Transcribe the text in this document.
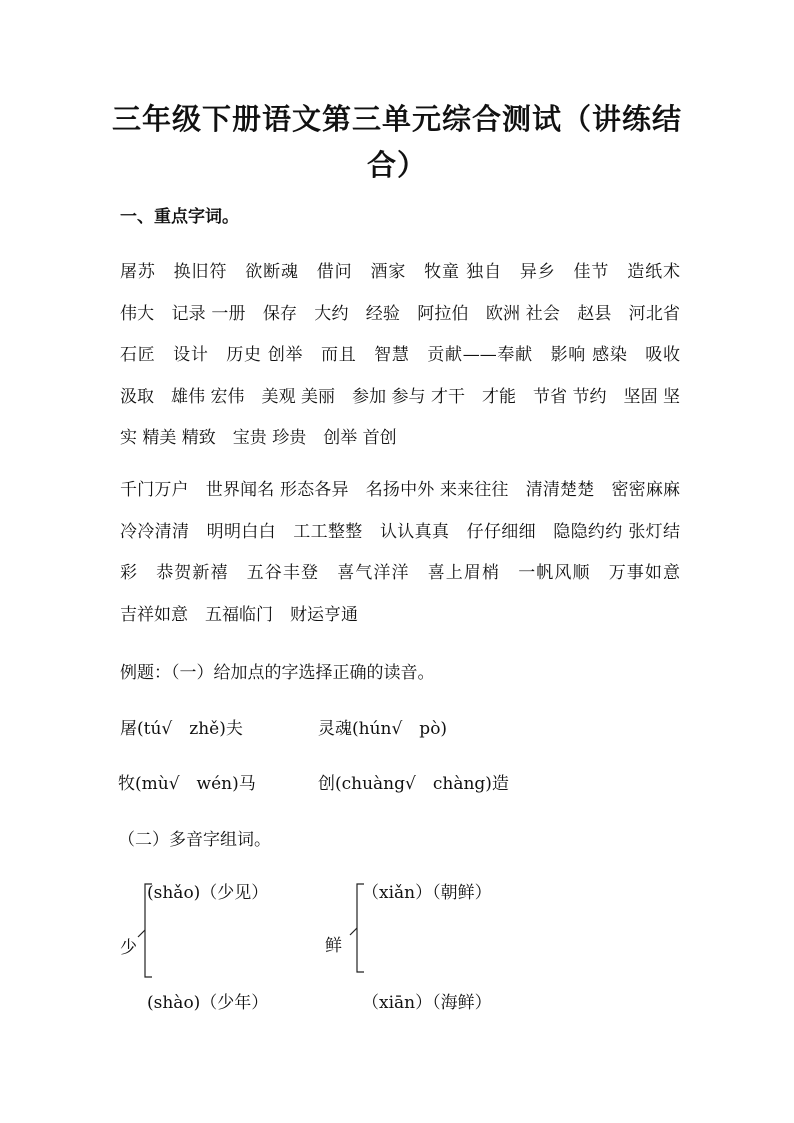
三年级下册语文第三单元综合测试（讲练结合）
一、重点字词。
屠苏　换旧符　欲断魂　借问　酒家　牧童 独自　异乡　佳节　造纸术　伟大　记录 一册　保存　大约　经验　阿拉伯　欧洲 社会　赵县　河北省　石匠　设计　历史 创举　而且　智慧　贡献——奉献　影响 感染　吸收 汲取　雄伟 宏伟　美观 美丽　参加 参与 才干　才能　节省 节约　坚固 坚实 精美 精致　宝贵 珍贵　创举 首创
千门万户　世界闻名 形态各异　名扬中外 来来往往　清清楚楚　密密麻麻　冷冷清清　明明白白　工工整整　认认真真　仔仔细细　隐隐约约 张灯结彩　恭贺新禧　五谷丰登　喜气洋洋　喜上眉梢　一帆风顺　万事如意　吉祥如意　五福临门　财运亨通
例题：（一）给加点的字选择正确的读音。
屠(tú√　zhě)夫	灵魂(hún√　pò)
牧(mù√　wén)马	创(chuàng√　chàng)造
（二）多音字组词。
(shǎo)（少见）
少
(shào)（少年）
（xiǎn）（朝鲜）
鲜
（xiān）（海鲜）
